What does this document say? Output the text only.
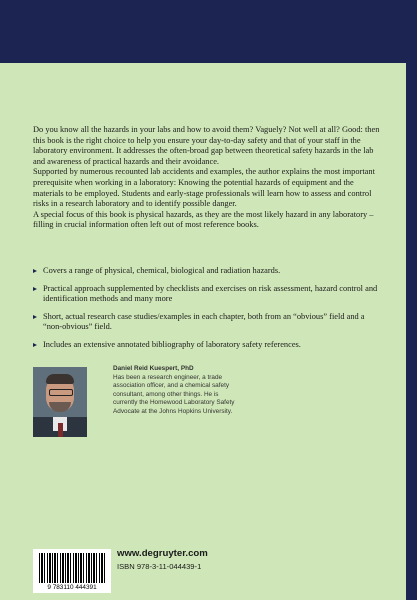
Do you know all the hazards in your labs and how to avoid them? Vaguely? Not well at all? Good: then this book is the right choice to help you ensure your day-to-day safety and that of your staff in the laboratory environment. It addresses the often-broad gap between theoretical safety hazards in the lab and awareness of practical hazards and their avoidance.

Supported by numerous recounted lab accidents and examples, the author explains the most important prerequisite when working in a laboratory: Knowing the potential hazards of equipment and the materials to be employed. Students and early-stage professionals will learn how to assess and control risks in a research laboratory and to identify possible danger.

A special focus of this book is physical hazards, as they are the most likely hazard in any laboratory – filling in crucial information often left out of most reference books.

Covers a range of physical, chemical, biological and radiation hazards.
Practical approach supplemented by checklists and exercises on risk assessment, hazard control and identification methods and many more
Short, actual research case studies/examples in each chapter, both from an “obvious” field and a “non-obvious” field.
Includes an extensive annotated bibliography of laboratory safety references.
Daniel Reid Kuespert, PhD
Has been a research engineer, a trade association officer, and a chemical safety consultant, among other things. He is currently the Homewood Laboratory Safety Advocate at the Johns Hopkins University.
9 783110 444391
www.degruyter.com
ISBN 978-3-11-044439-1
